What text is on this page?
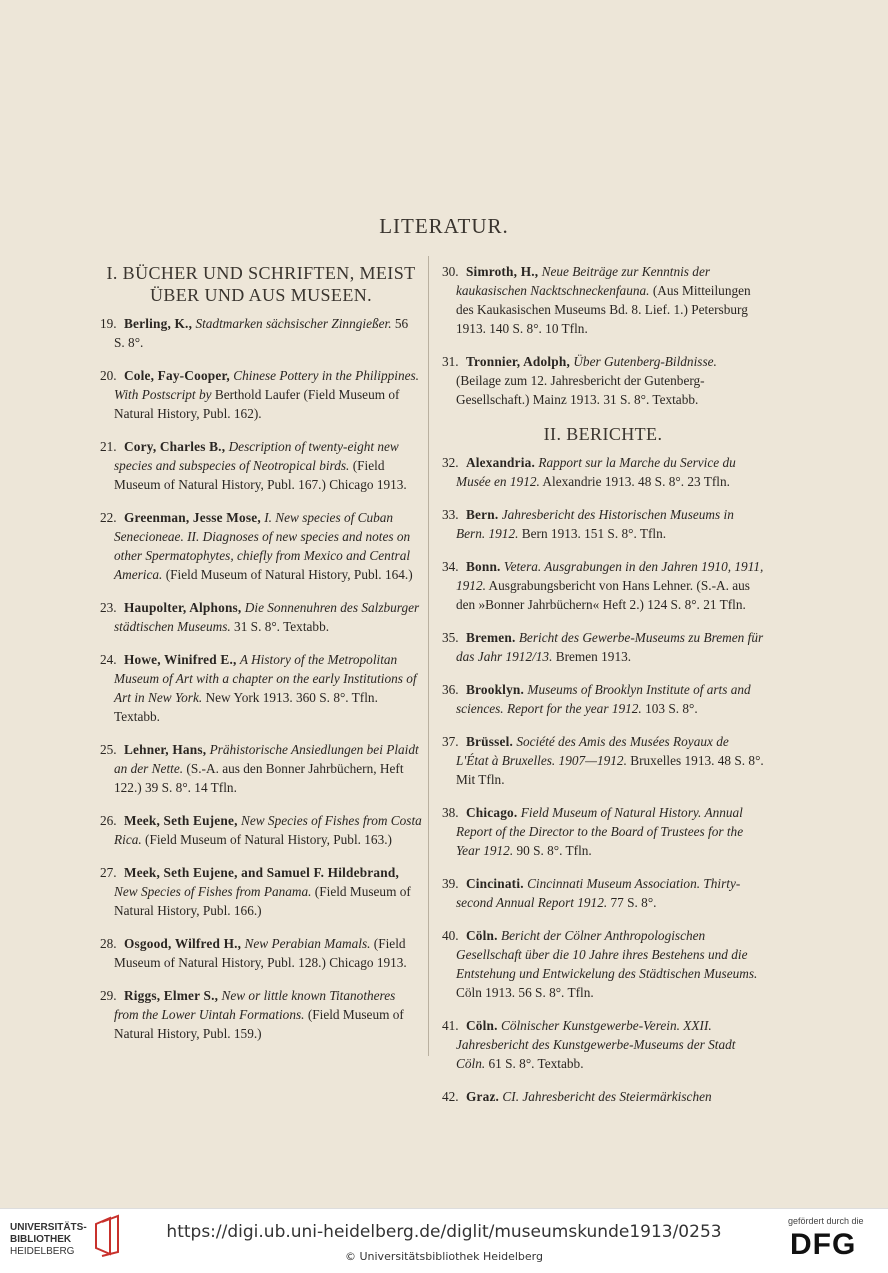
LITERATUR.
I. BÜCHER UND SCHRIFTEN, MEIST ÜBER UND AUS MUSEEN.
19. Berling, K., Stadtmarken sächsischer Zinngießer. 56 S. 8°.
20. Cole, Fay-Cooper, Chinese Pottery in the Philippines. With Postscript by Berthold Laufer (Field Museum of Natural History, Publ. 162).
21. Cory, Charles B., Description of twenty-eight new species and subspecies of Neotropical birds. (Field Museum of Natural History, Publ. 167.) Chicago 1913.
22. Greenman, Jesse Mose, I. New species of Cuban Senecioneae. II. Diagnoses of new species and notes on other Spermatophytes, chiefly from Mexico and Central America. (Field Museum of Natural History, Publ. 164.)
23. Haupolter, Alphons, Die Sonnenuhren des Salzburger städtischen Museums. 31 S. 8°. Textabb.
24. Howe, Winifred E., A History of the Metropolitan Museum of Art with a chapter on the early Institutions of Art in New York. New York 1913. 360 S. 8°. Tfln. Textabb.
25. Lehner, Hans, Prähistorische Ansiedlungen bei Plaidt an der Nette. (S.-A. aus den Bonner Jahrbüchern, Heft 122.) 39 S. 8°. 14 Tfln.
26. Meek, Seth Eujene, New Species of Fishes from Costa Rica. (Field Museum of Natural History, Publ. 163.)
27. Meek, Seth Eujene, and Samuel F. Hildebrand, New Species of Fishes from Panama. (Field Museum of Natural History, Publ. 166.)
28. Osgood, Wilfred H., New Perabian Mamals. (Field Museum of Natural History, Publ. 128.) Chicago 1913.
29. Riggs, Elmer S., New or little known Titanotheres from the Lower Uintah Formations. (Field Museum of Natural History, Publ. 159.)
30. Simroth, H., Neue Beiträge zur Kenntnis der kaukasischen Nacktschneckenfauna. (Aus Mitteilungen des Kaukasischen Museums Bd. 8. Lief. 1.) Petersburg 1913. 140 S. 8°. 10 Tfln.
31. Tronnier, Adolph, Über Gutenberg-Bildnisse. (Beilage zum 12. Jahresbericht der Gutenberg-Gesellschaft.) Mainz 1913. 31 S. 8°. Textabb.
II. BERICHTE.
32. Alexandria. Rapport sur la Marche du Service du Musée en 1912. Alexandrie 1913. 48 S. 8°. 23 Tfln.
33. Bern. Jahresbericht des Historischen Museums in Bern. 1912. Bern 1913. 151 S. 8°. Tfln.
34. Bonn. Vetera. Ausgrabungen in den Jahren 1910, 1911, 1912. Ausgrabungsbericht von Hans Lehner. (S.-A. aus den »Bonner Jahrbüchern« Heft 2.) 124 S. 8°. 21 Tfln.
35. Bremen. Bericht des Gewerbe-Museums zu Bremen für das Jahr 1912/13. Bremen 1913.
36. Brooklyn. Museums of Brooklyn Institute of arts and sciences. Report for the year 1912. 103 S. 8°.
37. Brüssel. Société des Amis des Musées Royaux de L'État à Bruxelles. 1907—1912. Bruxelles 1913. 48 S. 8°. Mit Tfln.
38. Chicago. Field Museum of Natural History. Annual Report of the Director to the Board of Trustees for the Year 1912. 90 S. 8°. Tfln.
39. Cincinati. Cincinnati Museum Association. Thirty-second Annual Report 1912. 77 S. 8°.
40. Cöln. Bericht der Cölner Anthropologischen Gesellschaft über die 10 Jahre ihres Bestehens und die Entstehung und Entwickelung des Städtischen Museums. Cöln 1913. 56 S. 8°. Tfln.
41. Cöln. Cölnischer Kunstgewerbe-Verein. XXII. Jahresbericht des Kunstgewerbe-Museums der Stadt Cöln. 61 S. 8°. Textabb.
42. Graz. CI. Jahresbericht des Steiermärkischen
UNIVERSITÄTS-
BIBLIOTHEK
HEIDELBERG
https://digi.ub.uni-heidelberg.de/diglit/museumskunde1913/0253
© Universitätsbibliothek Heidelberg
gefördert durch die
DFG
